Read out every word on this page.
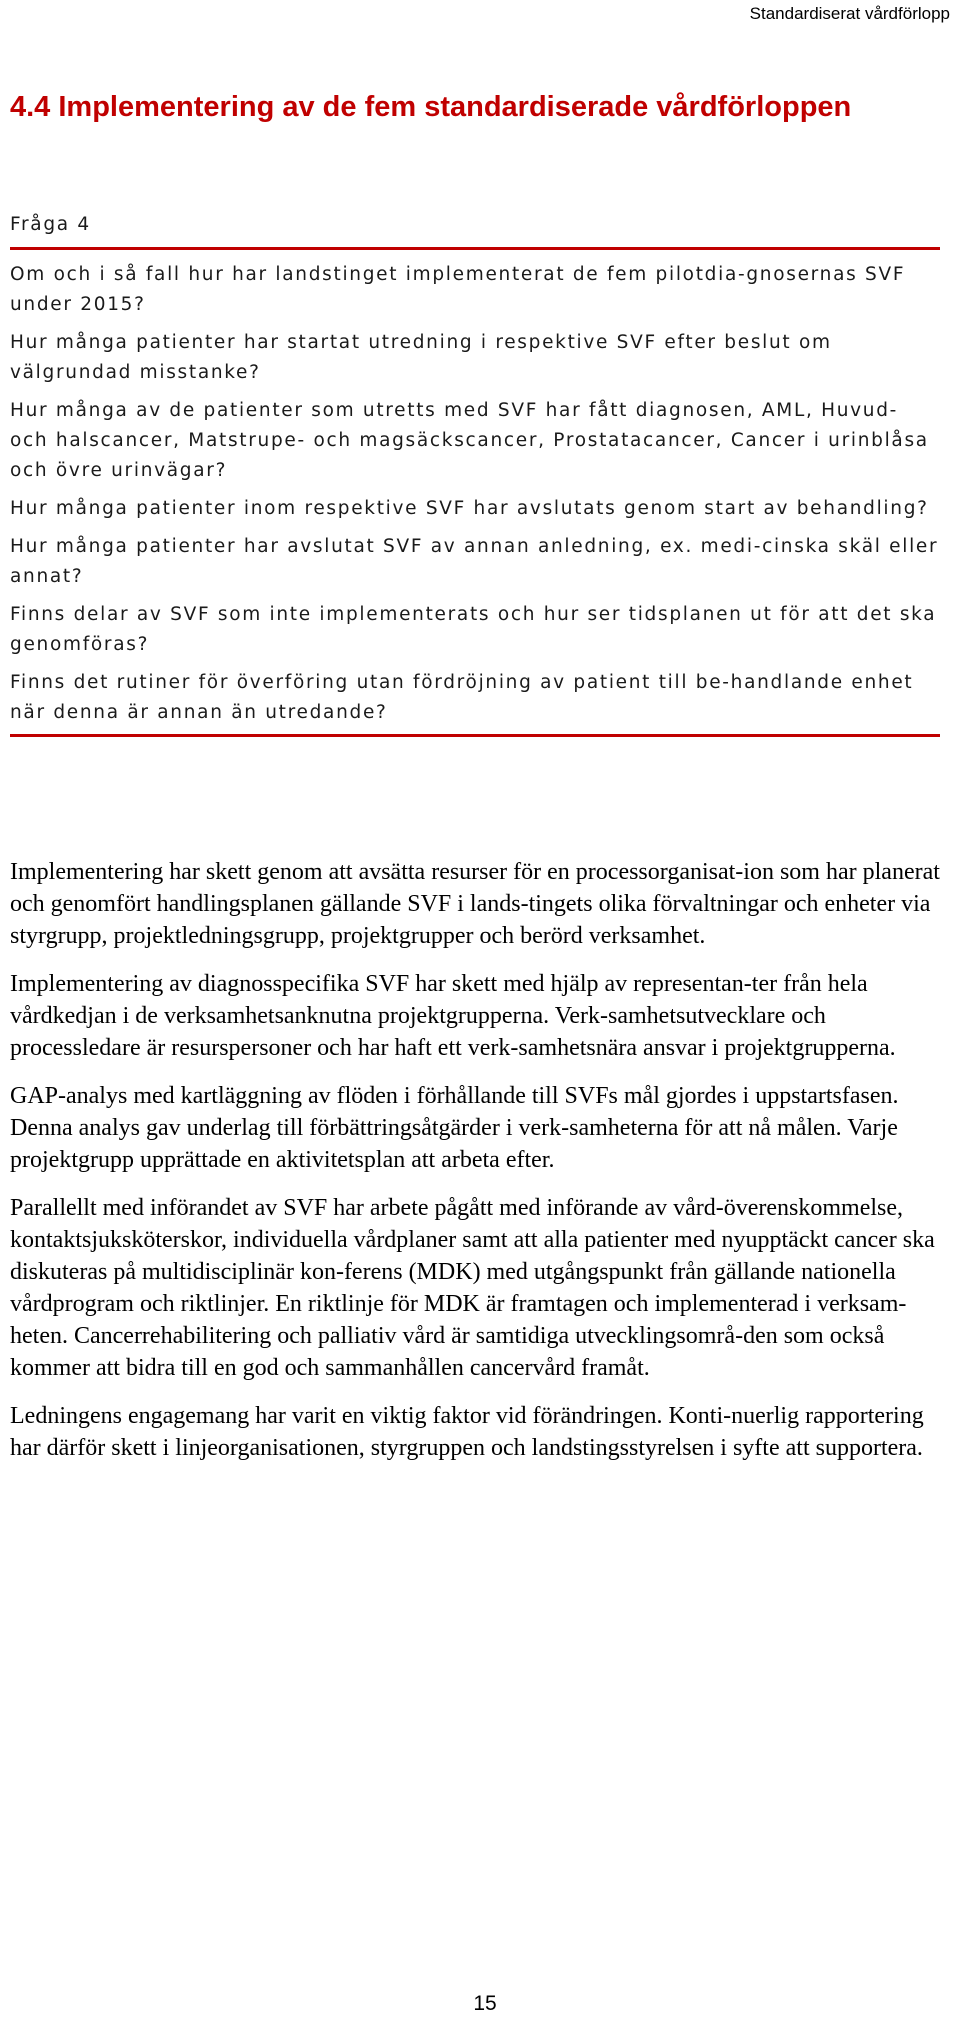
Standardiserat vårdförlopp
4.4 Implementering av de fem standardiserade vårdförloppen
Fråga 4
Om och i så fall hur har landstinget implementerat de fem pilotdia-gnosernas SVF under 2015?
Hur många patienter har startat utredning i respektive SVF efter beslut om välgrundad misstanke?
Hur många av de patienter som utretts med SVF har fått diagnosen, AML, Huvud- och halscancer, Matstrupe- och magsäckscancer, Prostatacancer, Cancer i urinblåsa och övre urinvägar?
Hur många patienter inom respektive SVF har avslutats genom start av behandling?
Hur många patienter har avslutat SVF av annan anledning, ex. medi-cinska skäl eller annat?
Finns delar av SVF som inte implementerats och hur ser tidsplanen ut för att det ska genomföras?
Finns det rutiner för överföring utan fördröjning av patient till be-handlande enhet när denna är annan än utredande?

Implementering har skett genom att avsätta resurser för en processorganisat-ion som har planerat och genomfört handlingsplanen gällande SVF i lands-tingets olika förvaltningar och enheter via styrgrupp, projektledningsgrupp, projektgrupper och berörd verksamhet.

Implementering av diagnosspecifika SVF har skett med hjälp av representan-ter från hela vårdkedjan i de verksamhetsanknutna projektgrupperna. Verk-samhetsutvecklare och processledare är resurspersoner och har haft ett verk-samhetsnära ansvar i projektgrupperna.

GAP-analys med kartläggning av flöden i förhållande till SVFs mål gjordes i uppstartsfasen. Denna analys gav underlag till förbättringsåtgärder i verk-samheterna för att nå målen. Varje projektgrupp upprättade en aktivitetsplan att arbeta efter.

Parallellt med införandet av SVF har arbete pågått med införande av vård-överenskommelse, kontaktsjuksköterskor, individuella vårdplaner samt att alla patienter med nyupptäckt cancer ska diskuteras på multidisciplinär kon-ferens (MDK) med utgångspunkt från gällande nationella vårdprogram och riktlinjer. En riktlinje för MDK är framtagen och implementerad i verksam-heten. Cancerrehabilitering och palliativ vård är samtidiga utvecklingsområ-den som också kommer att bidra till en god och sammanhållen cancervård framåt.

Ledningens engagemang har varit en viktig faktor vid förändringen. Konti-nuerlig rapportering har därför skett i linjeorganisationen, styrgruppen och landstingsstyrelsen i syfte att supportera.

15
